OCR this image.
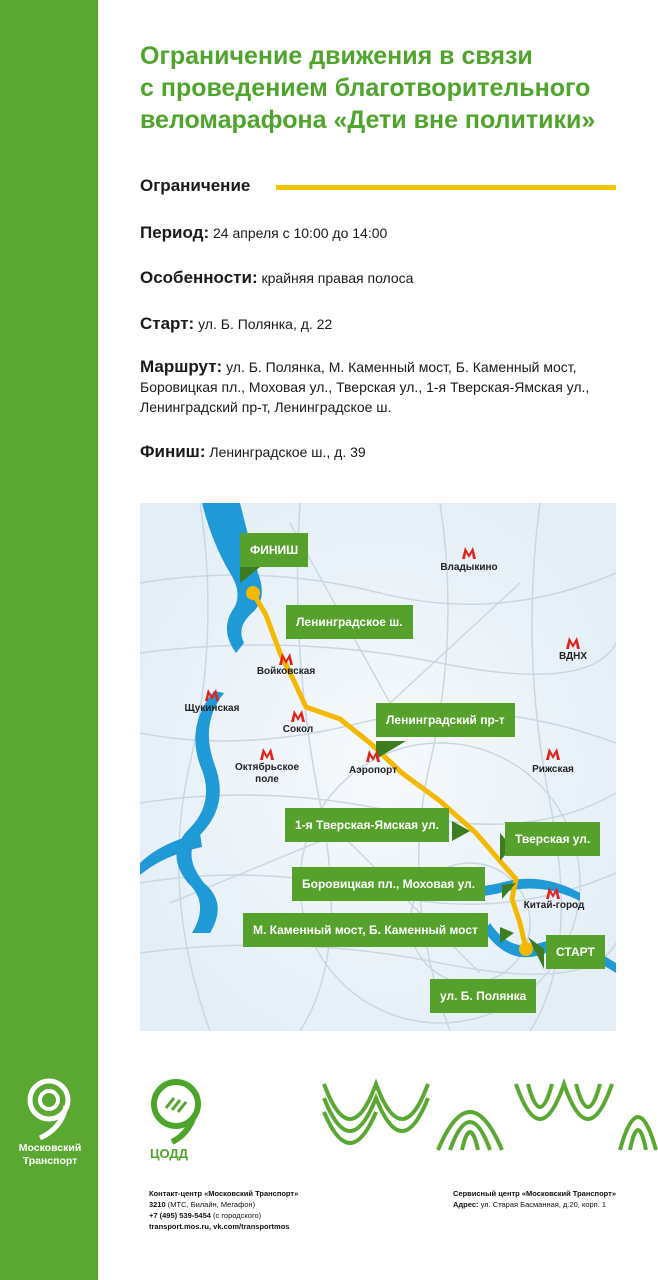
Московский
Транспорт
Ограничение движения в связи
с проведением благотворительного
веломарафона «Дети вне политики»
Ограничение
Период: 24 апреля с 10:00 до 14:00
Особенности: крайняя правая полоса
Старт: ул. Б. Полянка, д. 22
Маршрут: ул. Б. Полянка, М. Каменный мост, Б. Каменный мост, Боровицкая пл., Моховая ул., Тверская ул., 1-я Тверская-Ямская ул., Ленинградский пр-т, Ленинградское ш.
Финиш: Ленинградское ш., д. 39
ФИНИШ
Ленинградское ш.
Ленинградский пр-т
1-я Тверская-Ямская ул.
Тверская ул.
Боровицкая пл., Моховая ул.
М. Каменный мост, Б. Каменный мост
СТАРТ
ул. Б. Полянка
Владыкино
ВДНХ
Войковская
Щукинская
Сокол
Октябрьское поле
Аэропорт	Рижская
Китай-город
ЦОДД
Контакт-центр «Московский Транспорт»
3210 (МТС, Билайн, Мегафон)
+7 (495) 539-5454 (с городского)
transport.mos.ru, vk.com/transportmos
Сервисный центр «Московский Транспорт»
Адрес: ул. Старая Басманная, д.20, корп. 1
